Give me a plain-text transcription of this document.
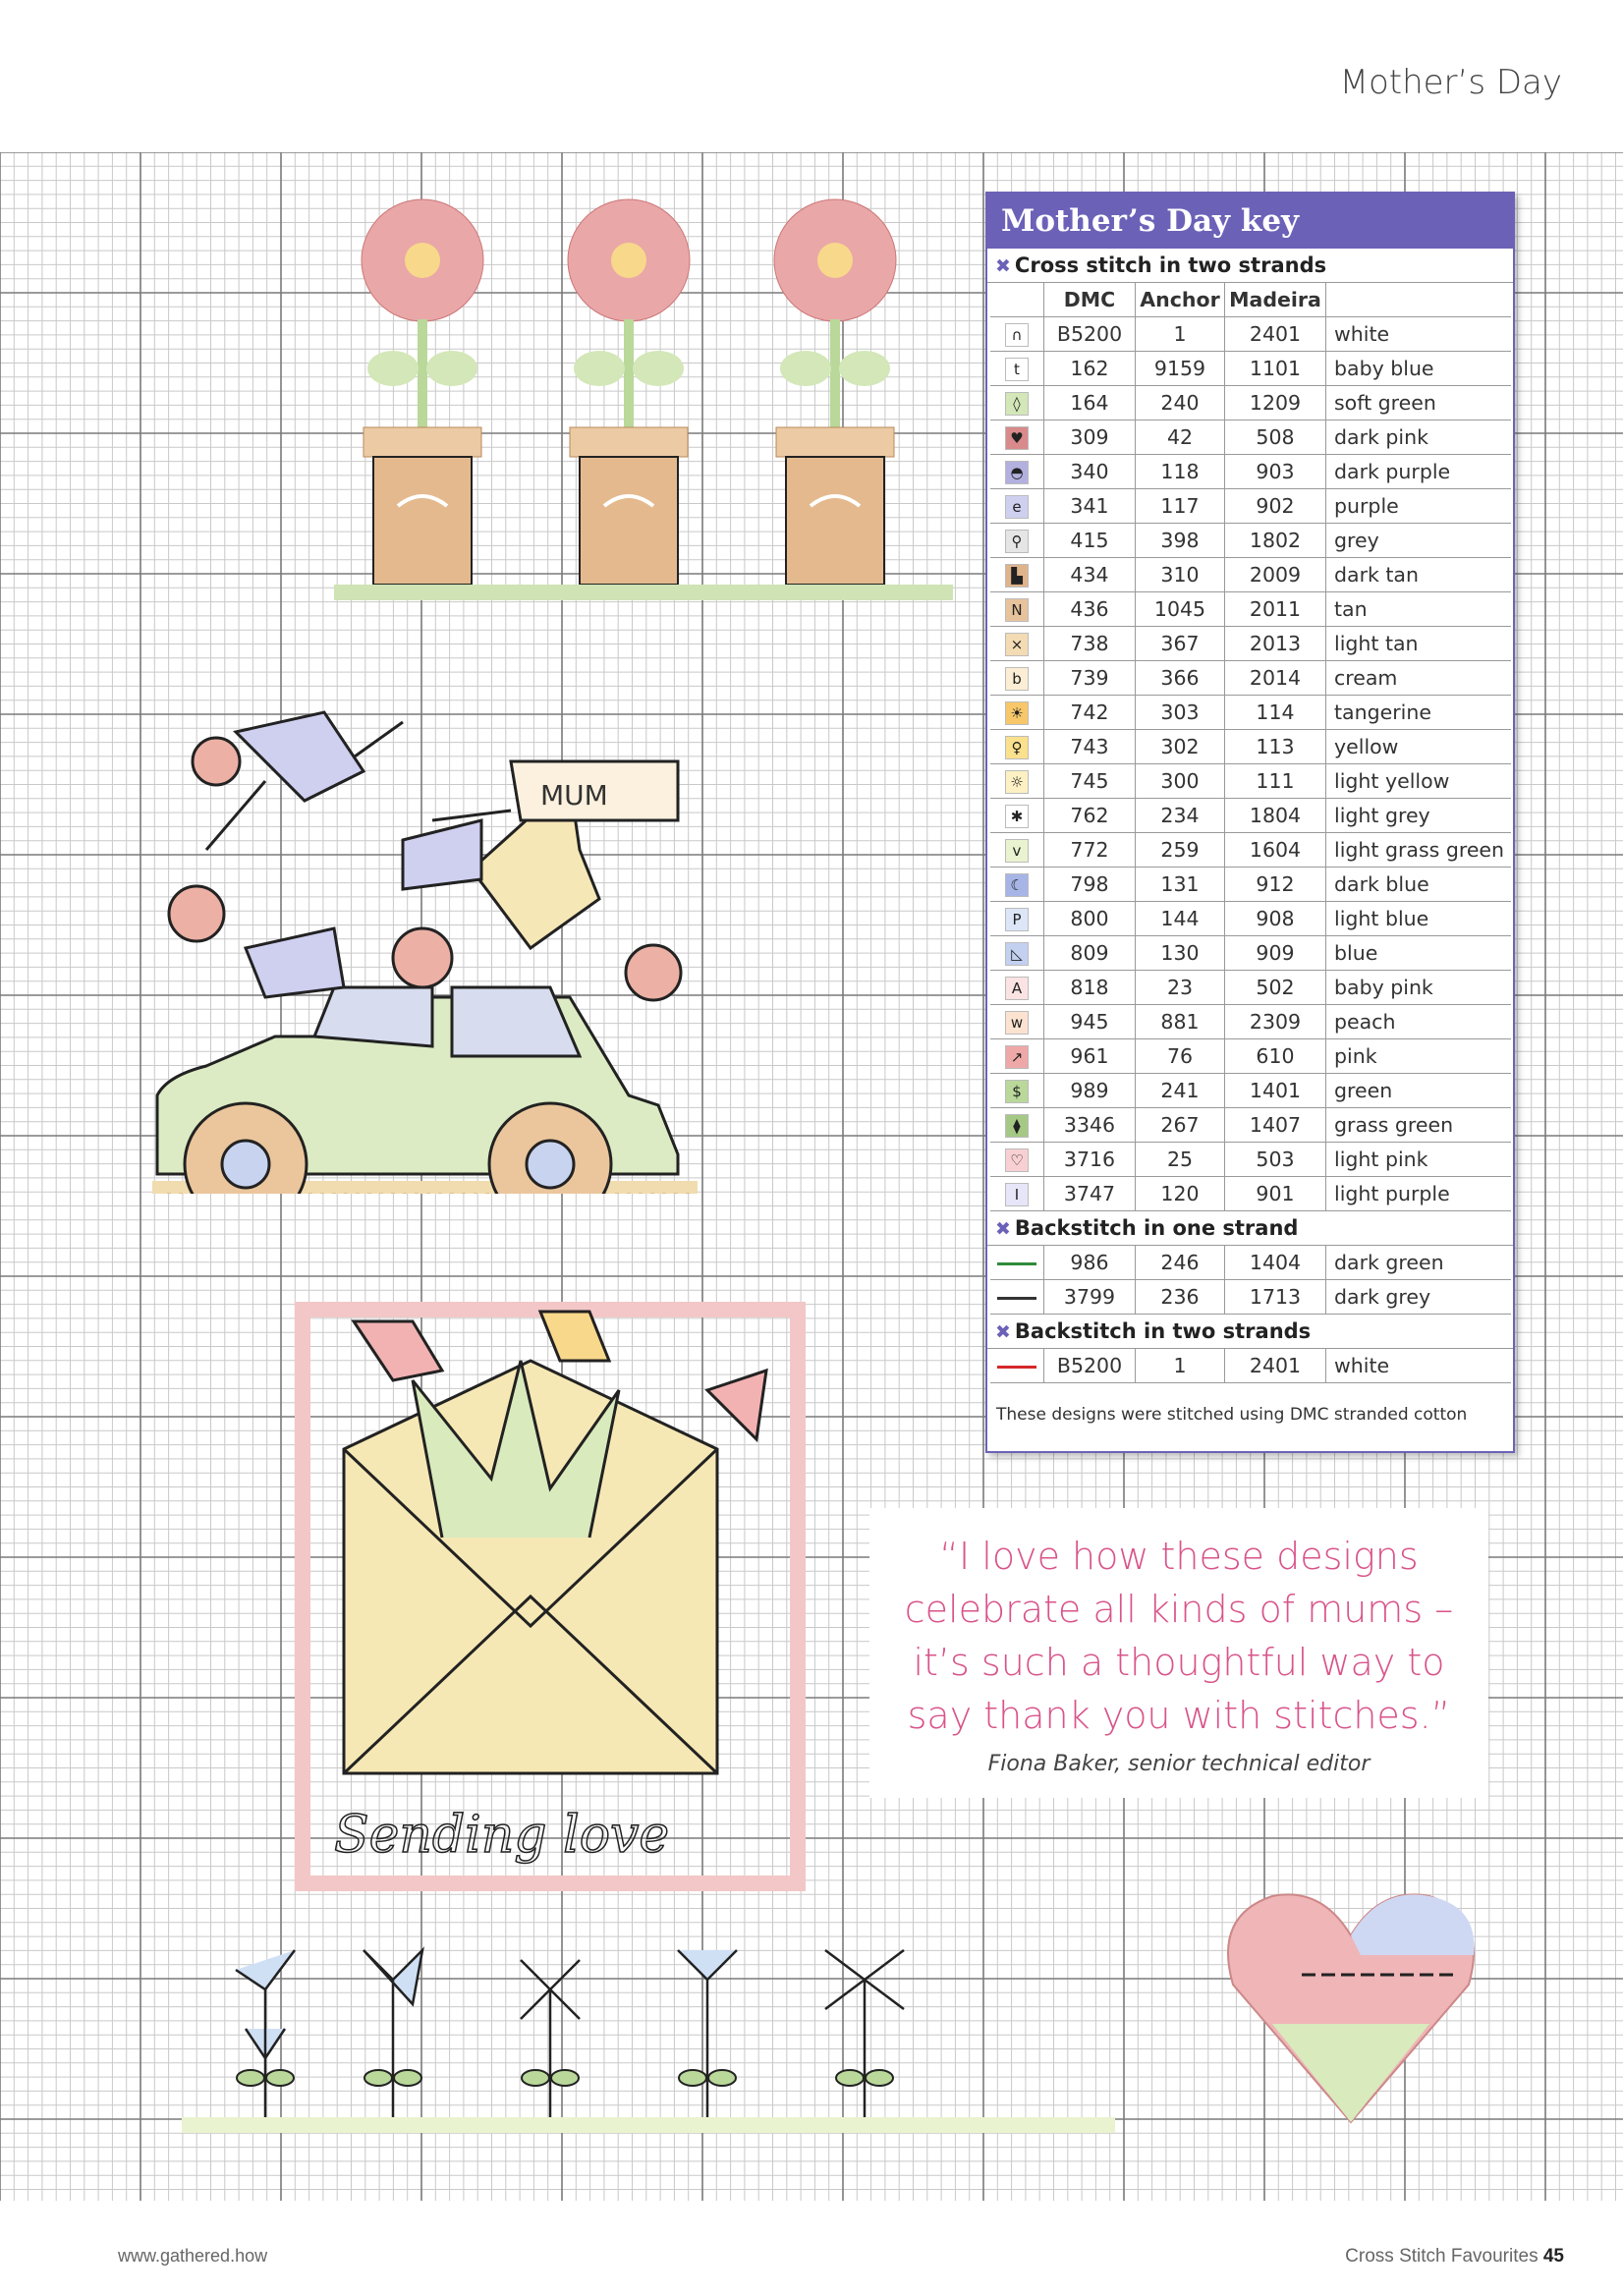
Mother’s Day
MUM
Sending love
Mother’s Day key
✖ Cross stitch in two strands
	DMC	Anchor	Madeira	
∩	B5200	1	2401	white
t	162	9159	1101	baby blue
◊	164	240	1209	soft green
♥	309	42	508	dark pink
◓	340	118	903	dark purple
e	341	117	902	purple
⚲	415	398	1802	grey
▙	434	310	2009	dark tan
N	436	1045	2011	tan
×	738	367	2013	light tan
b	739	366	2014	cream
☀	742	303	114	tangerine
♀	743	302	113	yellow
☼	745	300	111	light yellow
✱	762	234	1804	light grey
v	772	259	1604	light grass green
☾	798	131	912	dark blue
P	800	144	908	light blue
◺	809	130	909	blue
A	818	23	502	baby pink
w	945	881	2309	peach
↗	961	76	610	pink
$	989	241	1401	green
⧫	3346	267	1407	grass green
♡	3716	25	503	light pink
I	3747	120	901	light purple
✖ Backstitch in one strand
	986	246	1404	dark green
	3799	236	1713	dark grey
✖ Backstitch in two strands
	B5200	1	2401	white
These designs were stitched using DMC stranded cotton
“I love how these designs celebrate all kinds of mums – it’s such a thoughtful way to say thank you with stitches.”
Fiona Baker, senior technical editor
www.gathered.how	Cross Stitch Favourites 45
